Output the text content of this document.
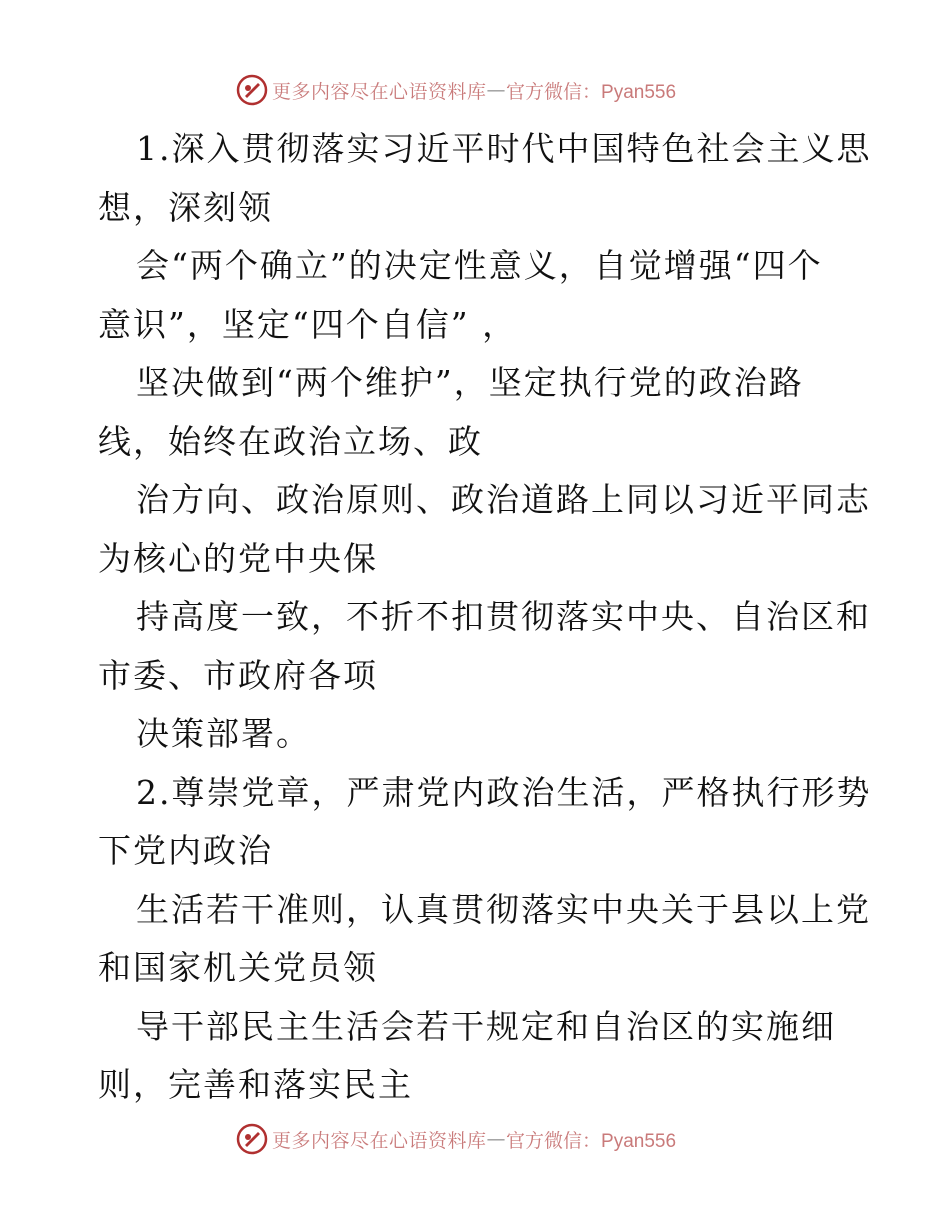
更多内容尽在心语资料库 — 官方微信：Pyan556
1.深入贯彻落实习近平时代中国特色社会主义思
想，深刻领
会“两个确立”的决定性意义，自觉增强“四个
意识”，坚定“四个自信” ，
坚决做到“两个维护”，坚定执行党的政治路
线，始终在政治立场、政
治方向、政治原则、政治道路上同以习近平同志
为核心的党中央保
持高度一致，不折不扣贯彻落实中央、自治区和
市委、市政府各项
决策部署。
2.尊崇党章，严肃党内政治生活，严格执行形势
下党内政治
生活若干准则，认真贯彻落实中央关于县以上党
和国家机关党员领
导干部民主生活会若干规定和自治区的实施细
则，完善和落实民主
更多内容尽在心语资料库 — 官方微信：Pyan556
